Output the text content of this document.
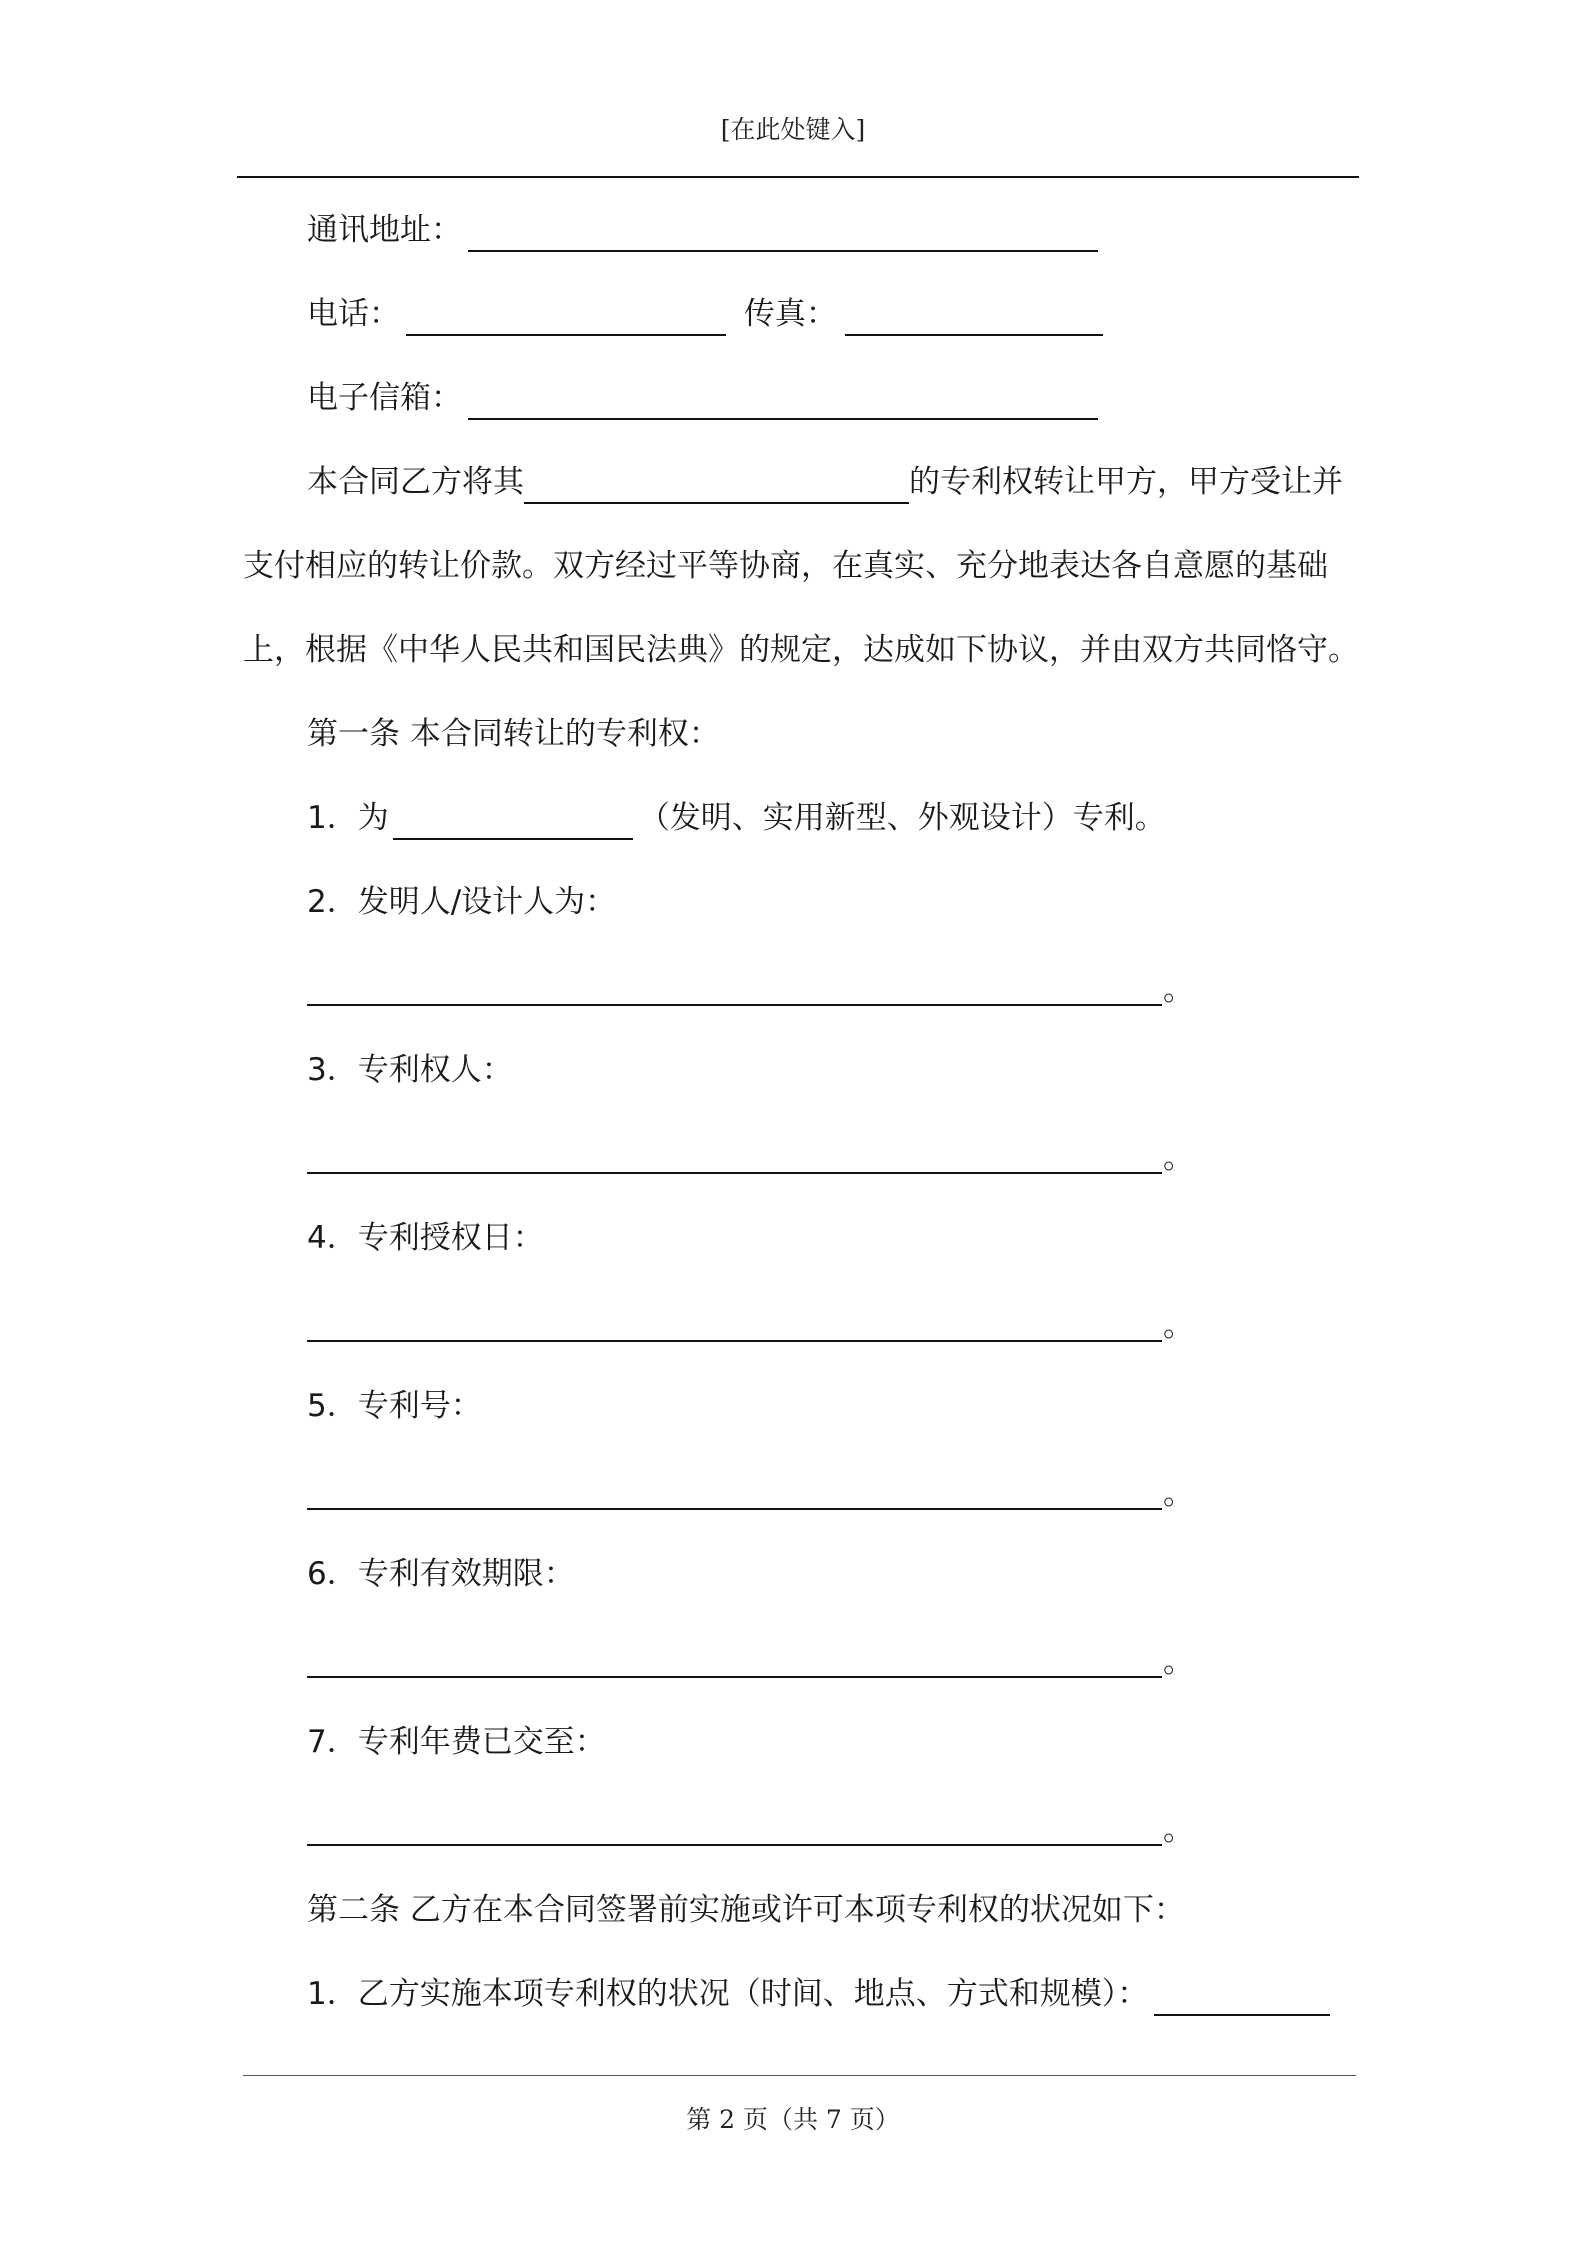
[在此处键入]
通讯地址：
电话：	传真：
电子信箱：
本合同乙方将其	的专利权转让甲方，甲方受让并
支付相应的转让价款。双方经过平等协商，在真实、充分地表达各自意愿的基础
上，根据《中华人民共和国民法典》的规定，达成如下协议，并由双方共同恪守。
第一条 本合同转让的专利权：
1．为	（发明、实用新型、外观设计）专利。
2．发明人/设计人为：
。
3．专利权人：
。
4．专利授权日：
。
5．专利号：
。
6．专利有效期限：
。
7．专利年费已交至：
。
第二条 乙方在本合同签署前实施或许可本项专利权的状况如下：
1．乙方实施本项专利权的状况（时间、地点、方式和规模）：
第 2 页（共 7 页）
